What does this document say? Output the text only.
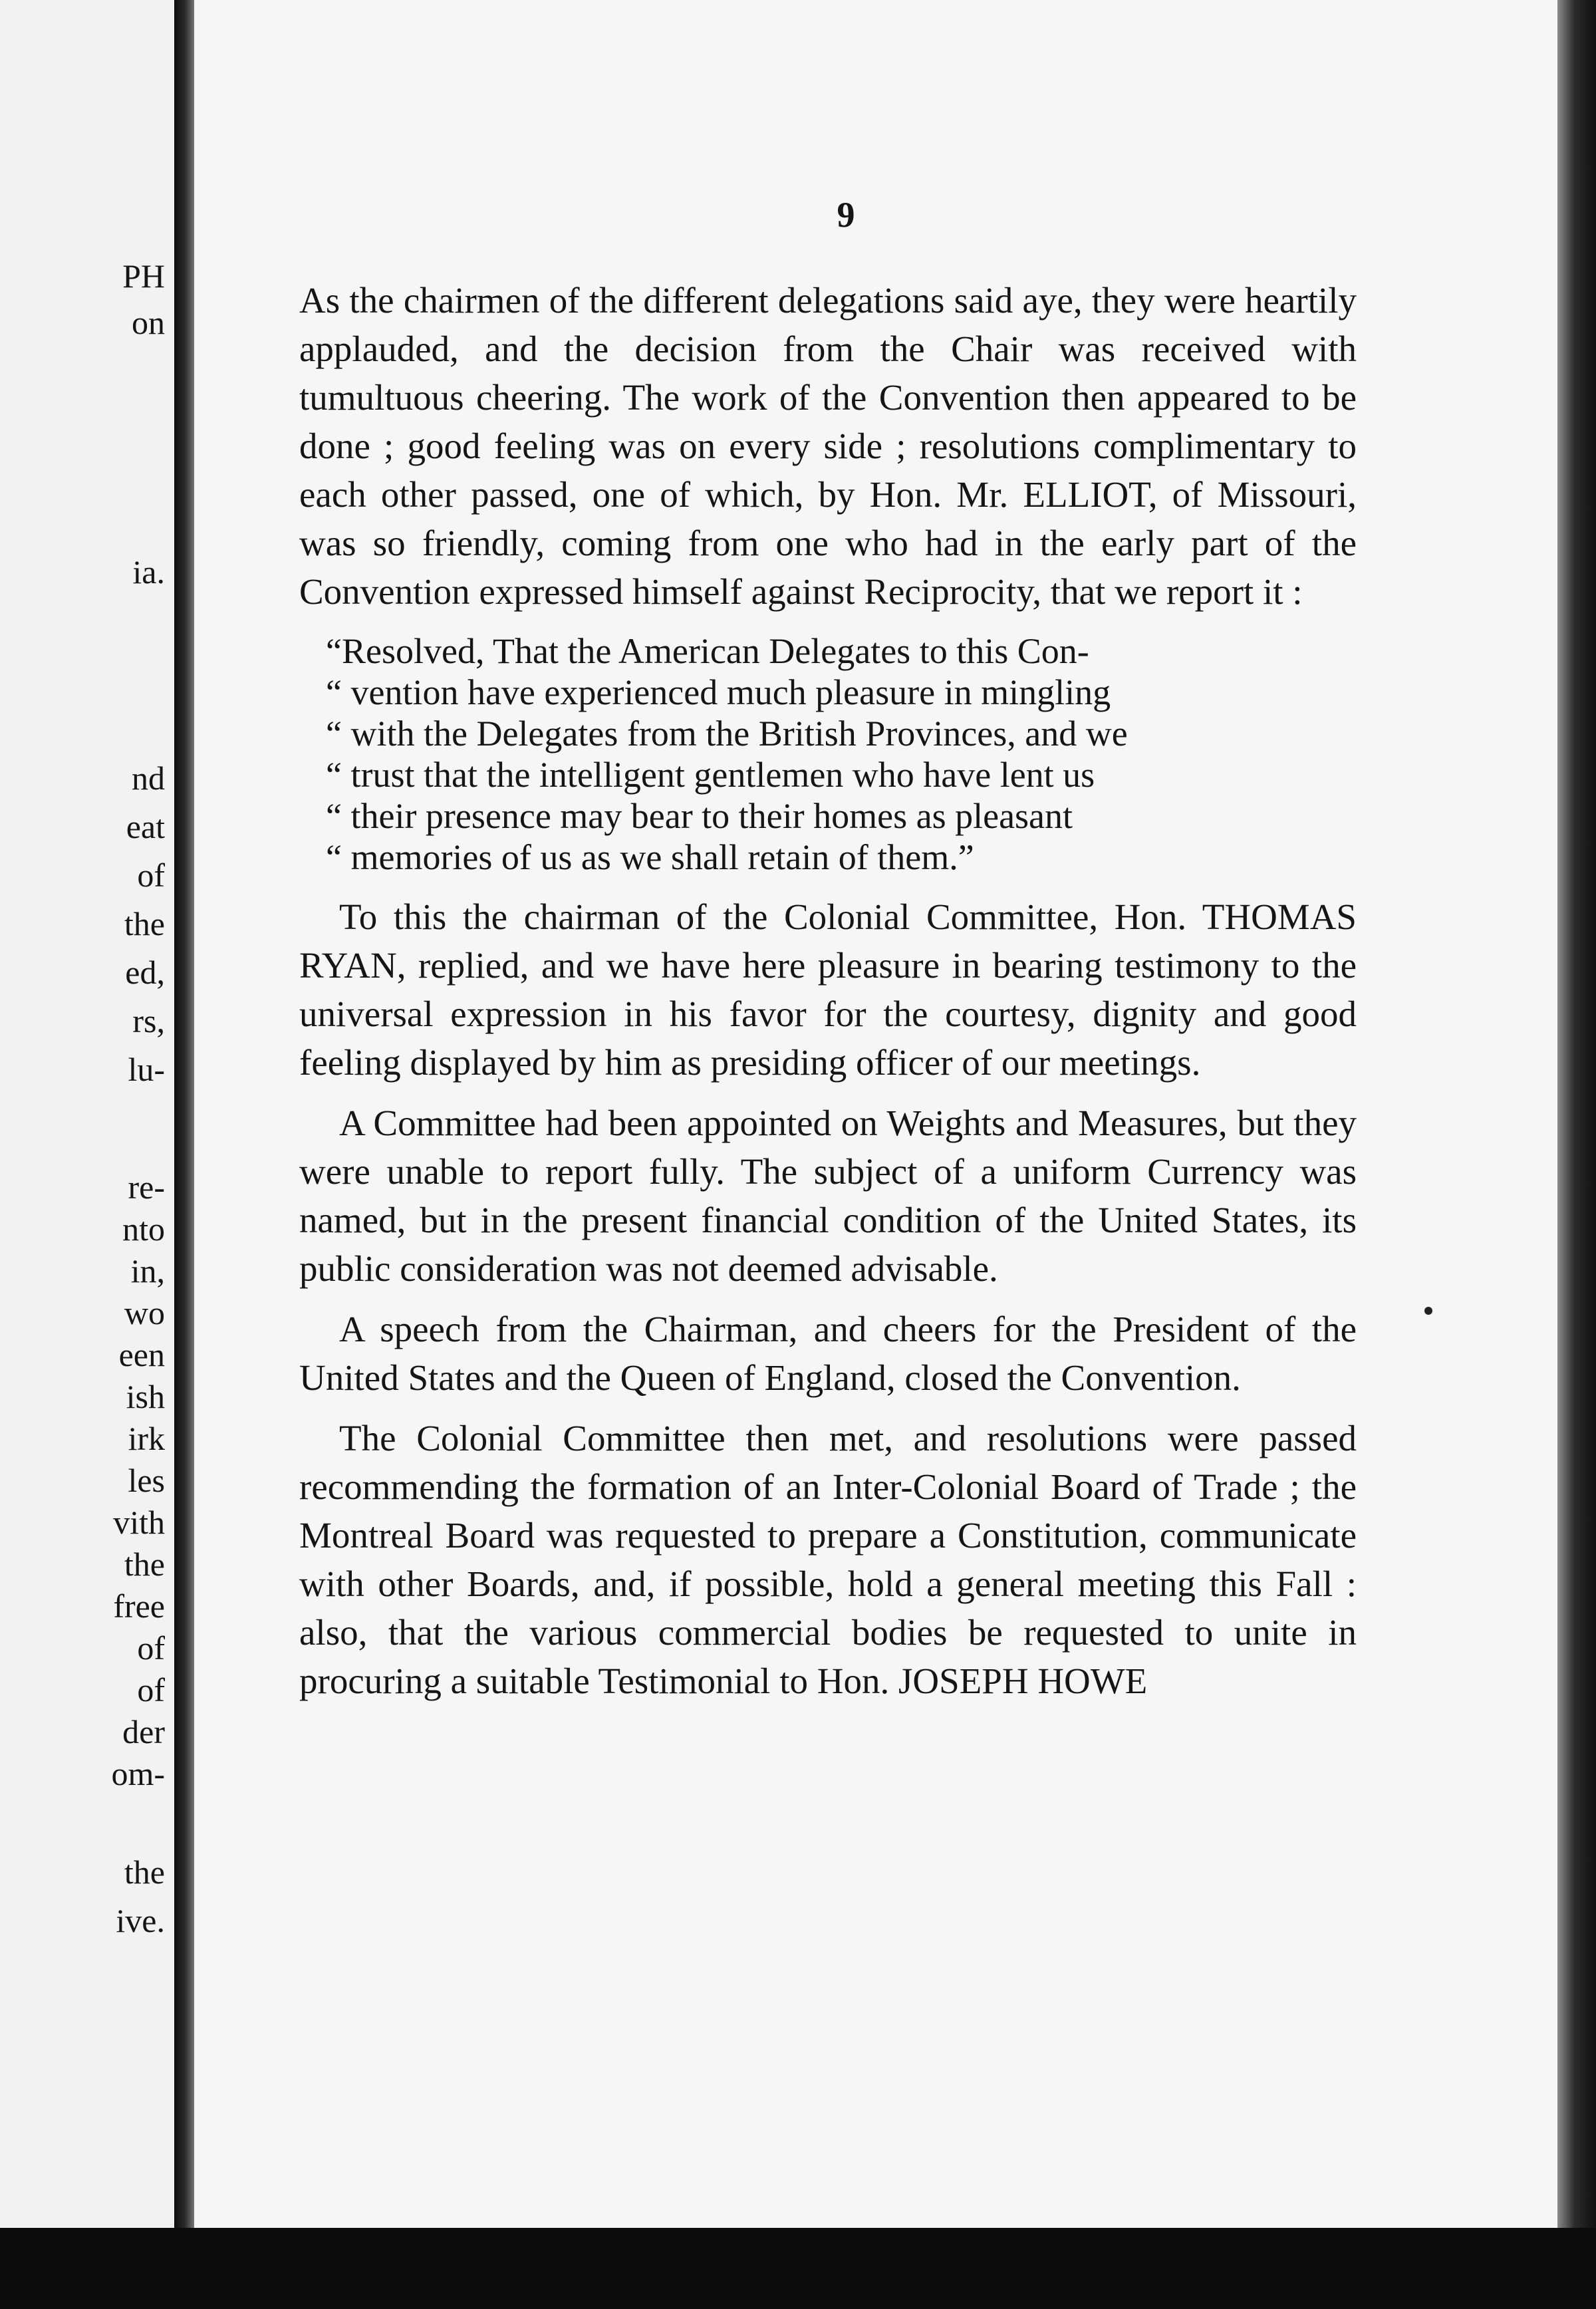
PH

on

ia.

nd

eat

of

the

ed,

rs,

lu-

re-

nto

in,

wo

een

ish

irk

les

vith

the

free

of

of

der

om-

the

ive.

9

As the chairmen of the different delegations said aye, they were heartily applauded, and the decision from the Chair was received with tumultuous cheering. The work of the Convention then appeared to be done ; good feeling was on every side ; resolutions complimentary to each other passed, one of which, by Hon. Mr. ELLIOT, of Missouri, was so friendly, coming from one who had in the early part of the Convention expressed himself against Reciprocity, that we report it :

“Resolved, That the American Delegates to this Con-
“ vention have experienced much pleasure in mingling
“ with the Delegates from the British Provinces, and we
“ trust that the intelligent gentlemen who have lent us
“ their presence may bear to their homes as pleasant
“ memories of us as we shall retain of them.”

To this the chairman of the Colonial Committee, Hon. THOMAS RYAN, replied, and we have here pleasure in bearing testimony to the universal expression in his favor for the courtesy, dignity and good feeling displayed by him as presiding officer of our meetings.

A Committee had been appointed on Weights and Measures, but they were unable to report fully. The subject of a uniform Currency was named, but in the present financial condition of the United States, its public consideration was not deemed advisable.

A speech from the Chairman, and cheers for the President of the United States and the Queen of England, closed the Convention.

The Colonial Committee then met, and resolutions were passed recommending the formation of an Inter-Colonial Board of Trade ; the Montreal Board was requested to prepare a Constitution, communicate with other Boards, and, if possible, hold a general meeting this Fall : also, that the various commercial bodies be requested to unite in procuring a suitable Testimonial to Hon. JOSEPH HOWE
